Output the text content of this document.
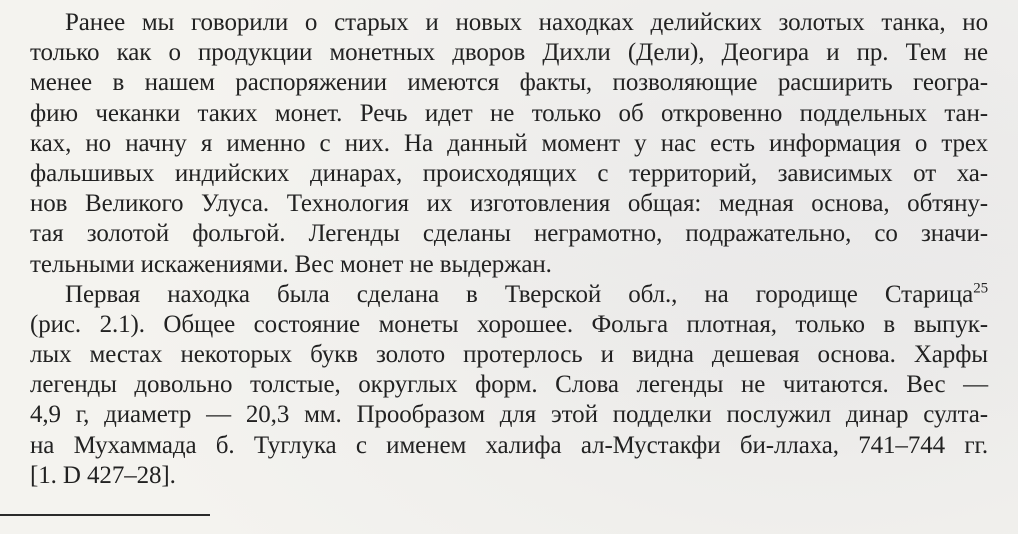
Ранее мы говорили о старых и новых находках делийских золотых танка, но
только как о продукции монетных дворов Дихли (Дели), Деогира и пр. Тем не
менее в нашем распоряжении имеются факты, позволяющие расширить геогра-
фию чеканки таких монет. Речь идет не только об откровенно поддельных тан-
ках, но начну я именно с них. На данный момент у нас есть информация о трех
фальшивых индийских динарах, происходящих с территорий, зависимых от ха-
нов Великого Улуса. Технология их изготовления общая: медная основа, обтяну-
тая золотой фольгой. Легенды сделаны неграмотно, подражательно, со значи-
тельными искажениями. Вес монет не выдержан.
Первая находка была сделана в Тверской обл., на городище Старица$^{25}$
(рис. 2.1). Общее состояние монеты хорошее. Фольга плотная, только в выпук-
лых местах некоторых букв золото протерлось и видна дешевая основа. Харфы
легенды довольно толстые, округлых форм. Слова легенды не читаются. Вес —
4,9 г, диаметр — 20,3 мм. Прообразом для этой подделки послужил динар султа-
на Мухаммада б. Туглука с именем халифа ал-Мустакфи би-ллаха, 741–744 гг.
[1. D 427–28].
